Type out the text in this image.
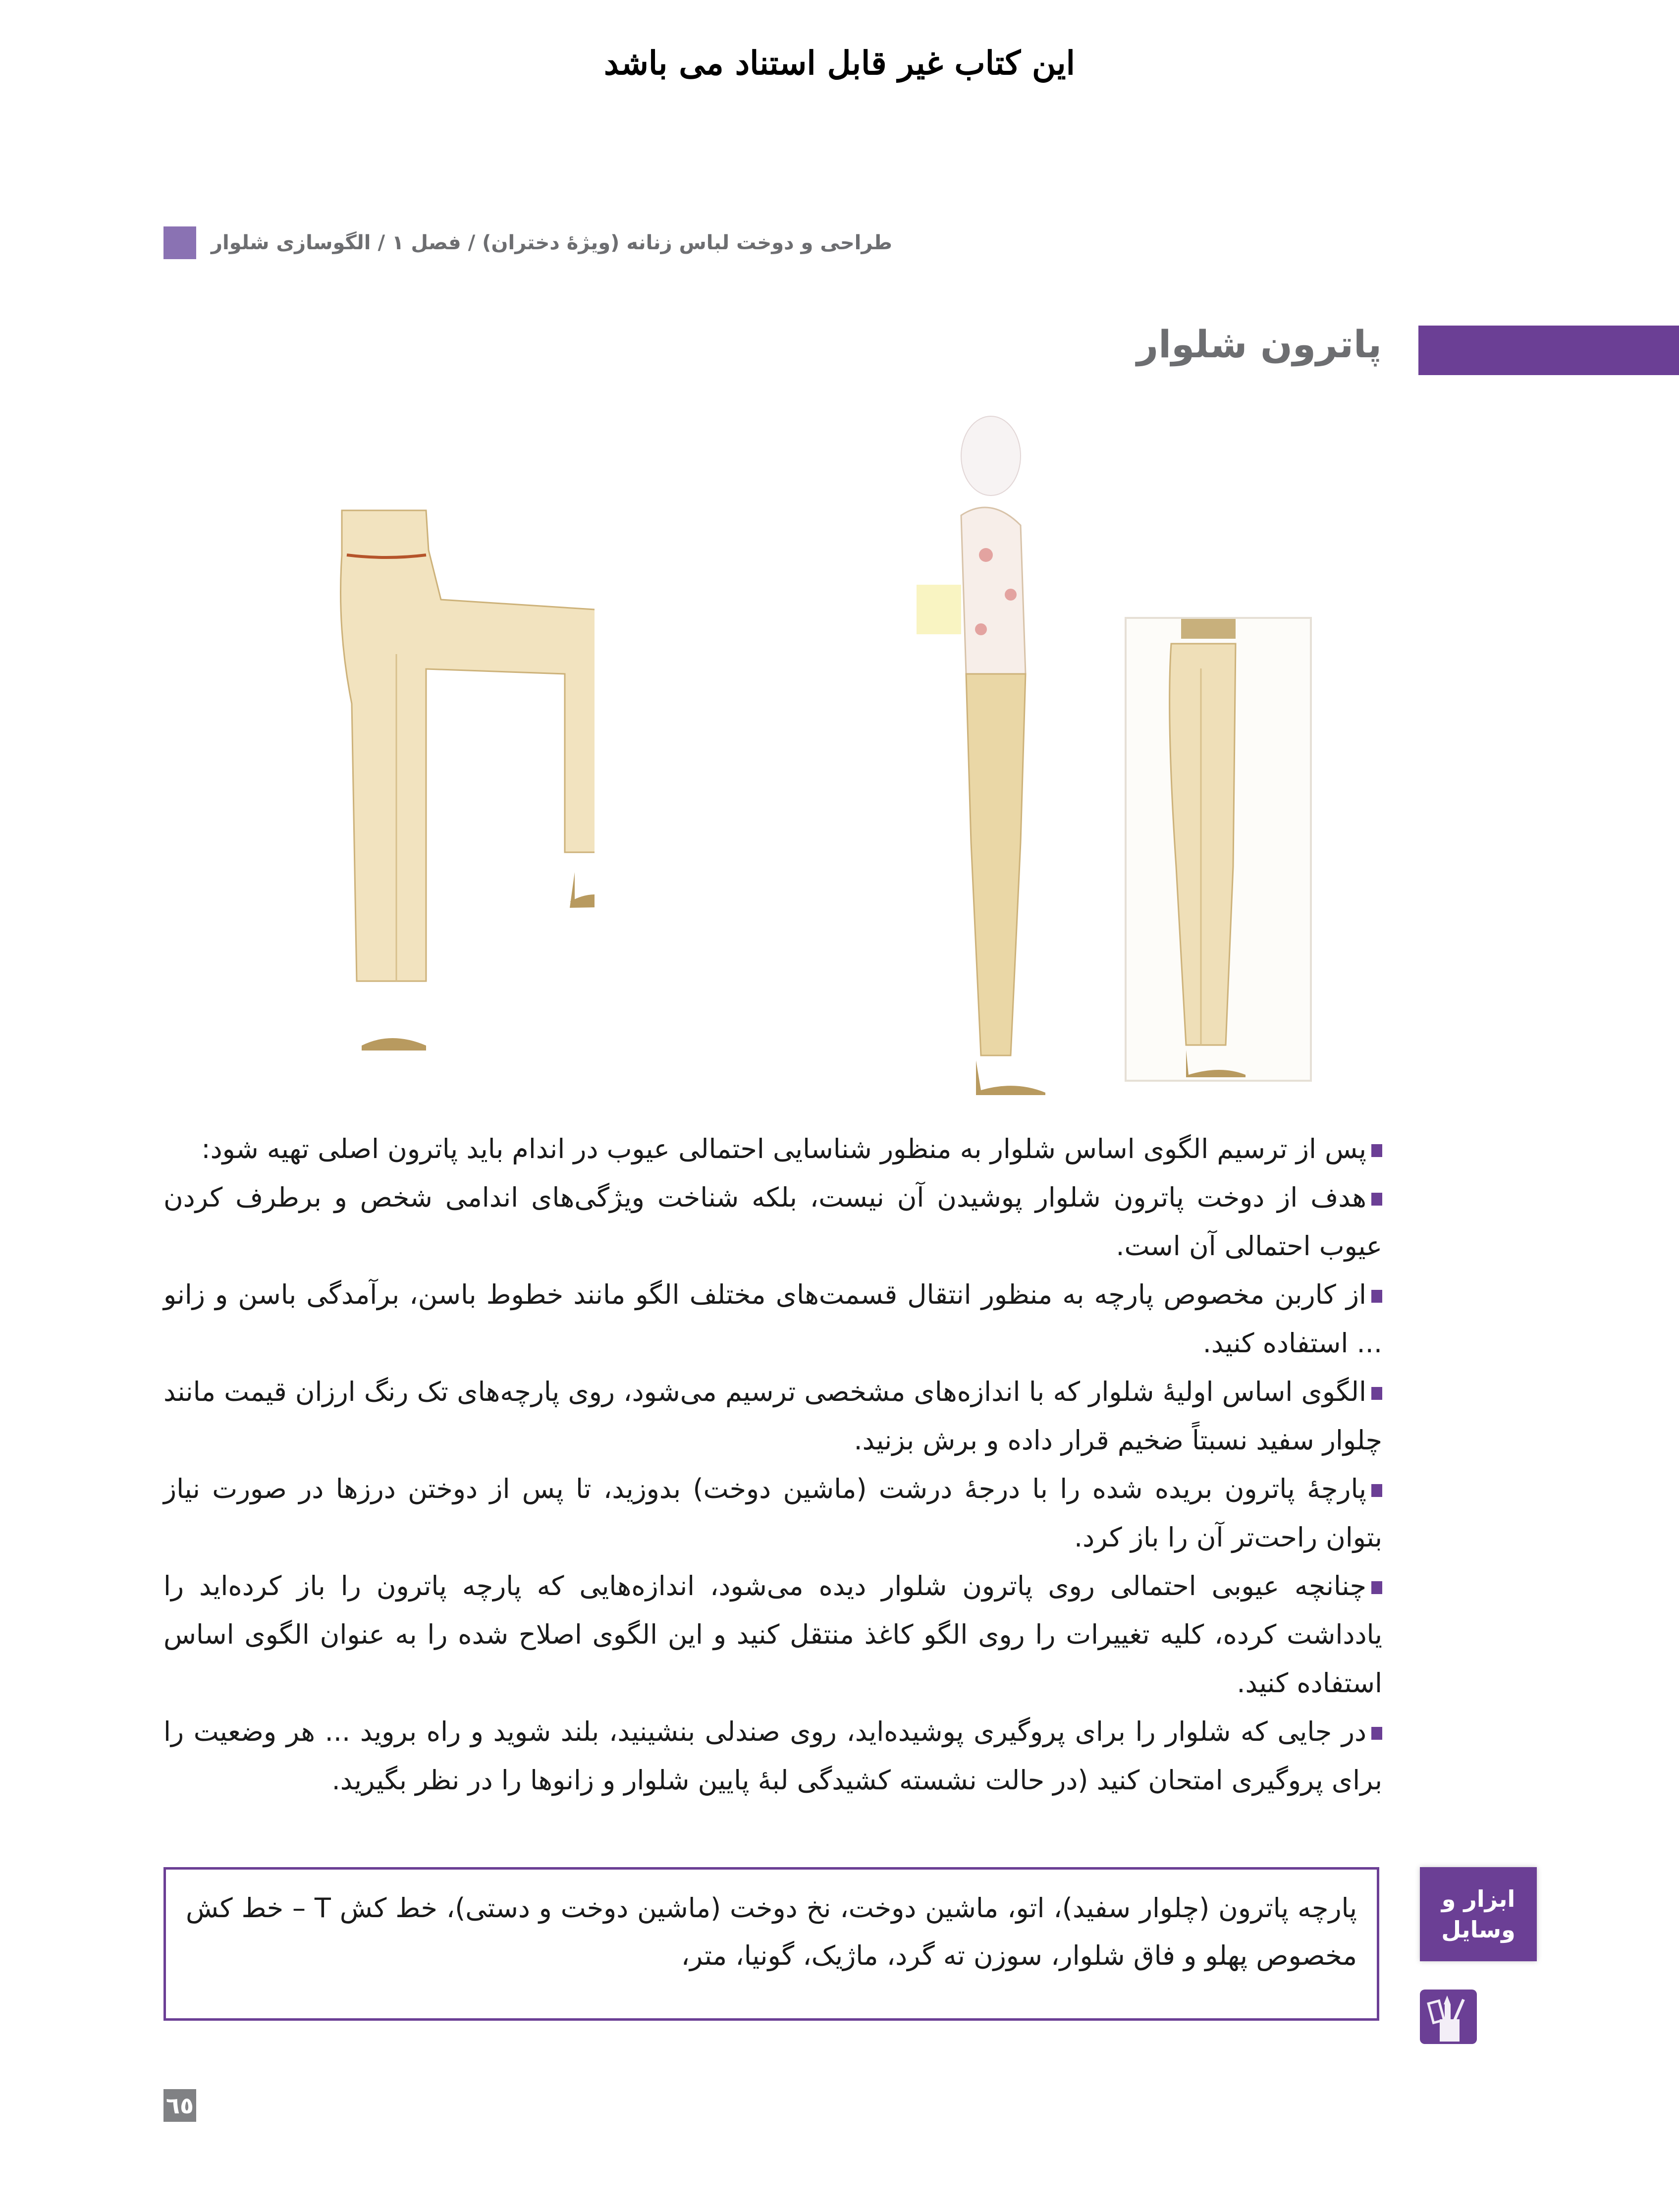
این کتاب غیر قابل استناد می باشد
طراحی و دوخت لباس زنانه (ویژهٔ دختران) / فصل ۱ / الگوسازی شلوار
پاترون شلوار

پس از ترسیم الگوی اساس شلوار به منظور شناسایی احتمالی عیوب در اندام باید پاترون اصلی تهیه شود:

هدف از دوخت پاترون شلوار پوشیدن آن نیست، بلکه شناخت ویژگی‌های اندامی شخص و برطرف کردن عیوب احتمالی آن است.

از کاربن مخصوص پارچه به منظور انتقال قسمت‌های مختلف الگو مانند خطوط باسن، برآمدگی باسن و زانو ... استفاده کنید.

الگوی اساس اولیهٔ شلوار که با اندازه‌های مشخصی ترسیم می‌شود، روی پارچه‌های تک رنگ ارزان قیمت مانند چلوار سفید نسبتاً ضخیم قرار داده و برش بزنید.

پارچهٔ پاترون بریده شده را با درجهٔ درشت (ماشین دوخت) بدوزید، تا پس از دوختن درزها در صورت نیاز بتوان راحت‌تر آن را باز کرد.

چنانچه عیوبی احتمالی روی پاترون شلوار دیده می‌شود، اندازه‌هایی که پارچه پاترون را باز کرده‌اید را یادداشت کرده، کلیه تغییرات را روی الگو کاغذ منتقل کنید و این الگوی اصلاح شده را به عنوان الگوی اساس استفاده کنید.

در جایی که شلوار را برای پروگیری پوشیده‌اید، روی صندلی بنشینید، بلند شوید و راه بروید ... هر وضعیت را برای پروگیری امتحان کنید (در حالت نشسته کشیدگی لبهٔ پایین شلوار و زانوها را در نظر بگیرید.

پارچه پاترون (چلوار سفید)، اتو، ماشین دوخت، نخ دوخت (ماشین دوخت و دستی)، خط کش T – خط کش مخصوص پهلو و فاق شلوار، سوزن ته گرد، ماژیک، گونیا، متر،
ابزار و
وسایل
٦٥
